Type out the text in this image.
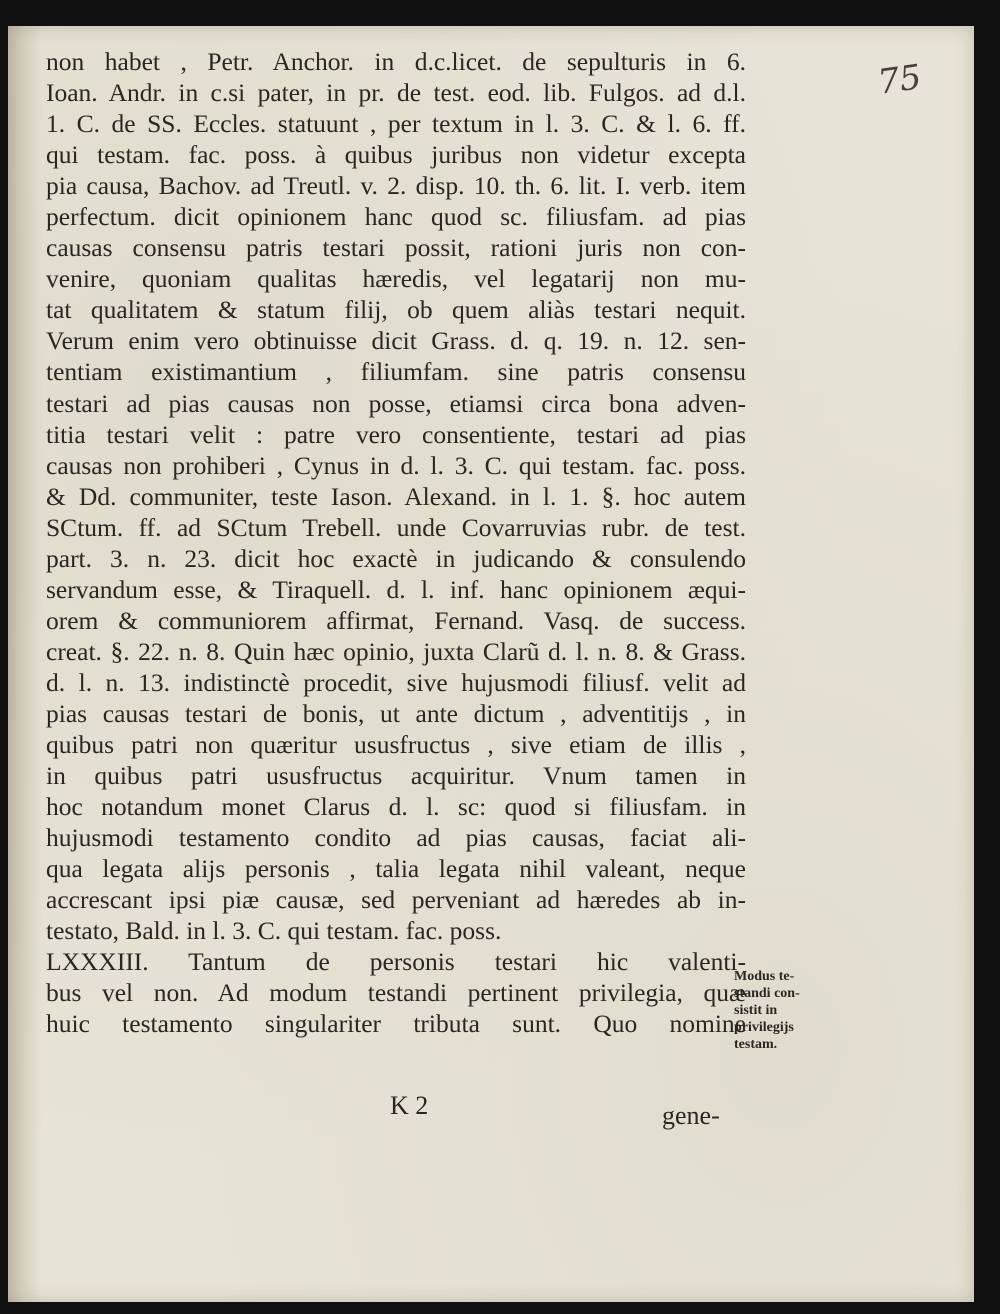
75
non habet , Petr. Anchor. in d.c.licet. de sepulturis in 6.
Ioan. Andr. in c.si pater, in pr. de test. eod. lib. Fulgos. ad d.l.
1. C. de SS. Eccles. statuunt , per textum in l. 3. C. & l. 6. ff.
qui testam. fac. poss. à quibus juribus non videtur excepta
pia causa, Bachov. ad Treutl. v. 2. disp. 10. th. 6. lit. I. verb. item
perfectum. dicit opinionem hanc quod sc. filiusfam. ad pias
causas consensu patris testari possit, rationi juris non con-
venire, quoniam qualitas hæredis, vel legatarij non mu-
tat qualitatem & statum filij, ob quem aliàs testari nequit.
Verum enim vero obtinuisse dicit Grass. d. q. 19. n. 12. sen-
tentiam existimantium , filiumfam. sine patris consensu
testari ad pias causas non posse, etiamsi circa bona adven-
titia testari velit : patre vero consentiente, testari ad pias
causas non prohiberi , Cynus in d. l. 3. C. qui testam. fac. poss.
& Dd. communiter, teste Iason. Alexand. in l. 1. §. hoc autem
SCtum. ff. ad SCtum Trebell. unde Covarruvias rubr. de test.
part. 3. n. 23. dicit hoc exactè in judicando & consulendo
servandum esse, & Tiraquell. d. l. inf. hanc opinionem æqui-
orem & communiorem affirmat, Fernand. Vasq. de success.
creat. §. 22. n. 8. Quin hæc opinio, juxta Clarũ d. l. n. 8. & Grass.
d. l. n. 13. indistinctè procedit, sive hujusmodi filiusf. velit ad
pias causas testari de bonis, ut ante dictum , adventitijs , in
quibus patri non quæritur ususfructus , sive etiam de illis ,
in quibus patri ususfructus acquiritur. Vnum tamen in
hoc notandum monet Clarus d. l. sc: quod si filiusfam. in
hujusmodi testamento condito ad pias causas, faciat ali-
qua legata alijs personis , talia legata nihil valeant, neque
accrescant ipsi piæ causæ, sed perveniant ad hæredes ab in-
testato, Bald. in l. 3. C. qui testam. fac. poss.
LXXXIII. Tantum de personis testari hic valenti-
bus vel non. Ad modum testandi pertinent privilegia, quæ
huic testamento singulariter tributa sunt. Quo nomine
Modus te-
standi con-
sistit in
privilegijs
testam.
K 2	gene-
